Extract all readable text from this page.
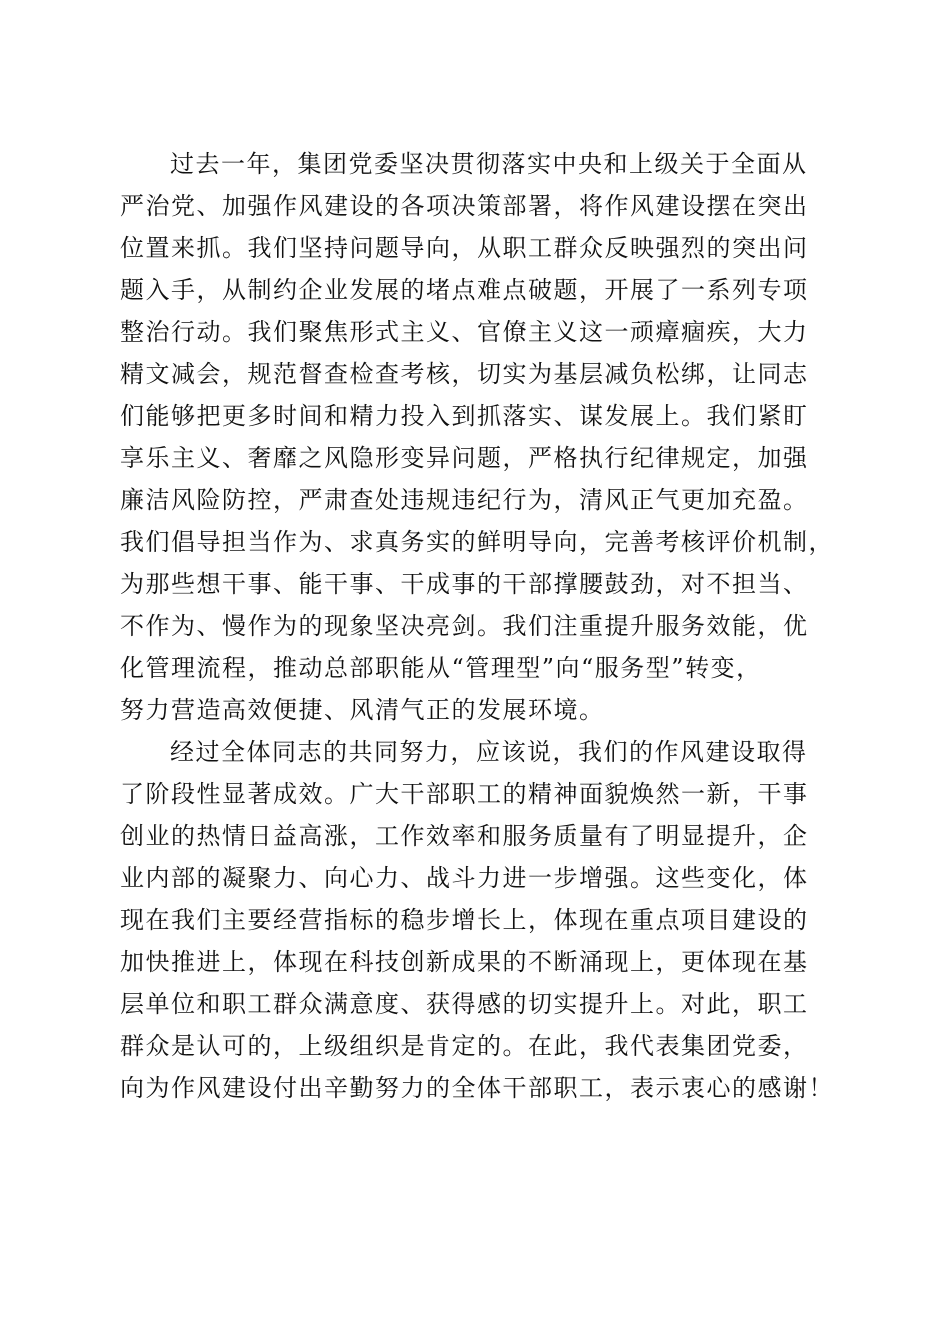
过去一年，集团党委坚决贯彻落实中央和上级关于全面从
严治党、加强作风建设的各项决策部署，将作风建设摆在突出
位置来抓。我们坚持问题导向，从职工群众反映强烈的突出问
题入手，从制约企业发展的堵点难点破题，开展了一系列专项
整治行动。我们聚焦形式主义、官僚主义这一顽瘴痼疾，大力
精文减会，规范督查检查考核，切实为基层减负松绑，让同志
们能够把更多时间和精力投入到抓落实、谋发展上。我们紧盯
享乐主义、奢靡之风隐形变异问题，严格执行纪律规定，加强
廉洁风险防控，严肃查处违规违纪行为，清风正气更加充盈。
我们倡导担当作为、求真务实的鲜明导向，完善考核评价机制，
为那些想干事、能干事、干成事的干部撑腰鼓劲，对不担当、
不作为、慢作为的现象坚决亮剑。我们注重提升服务效能，优
化管理流程，推动总部职能从“管理型”向“服务型”转变，
努力营造高效便捷、风清气正的发展环境。
经过全体同志的共同努力，应该说，我们的作风建设取得
了阶段性显著成效。广大干部职工的精神面貌焕然一新，干事
创业的热情日益高涨，工作效率和服务质量有了明显提升，企
业内部的凝聚力、向心力、战斗力进一步增强。这些变化，体
现在我们主要经营指标的稳步增长上，体现在重点项目建设的
加快推进上，体现在科技创新成果的不断涌现上，更体现在基
层单位和职工群众满意度、获得感的切实提升上。对此，职工
群众是认可的，上级组织是肯定的。在此，我代表集团党委，
向为作风建设付出辛勤努力的全体干部职工，表示衷心的感谢！
